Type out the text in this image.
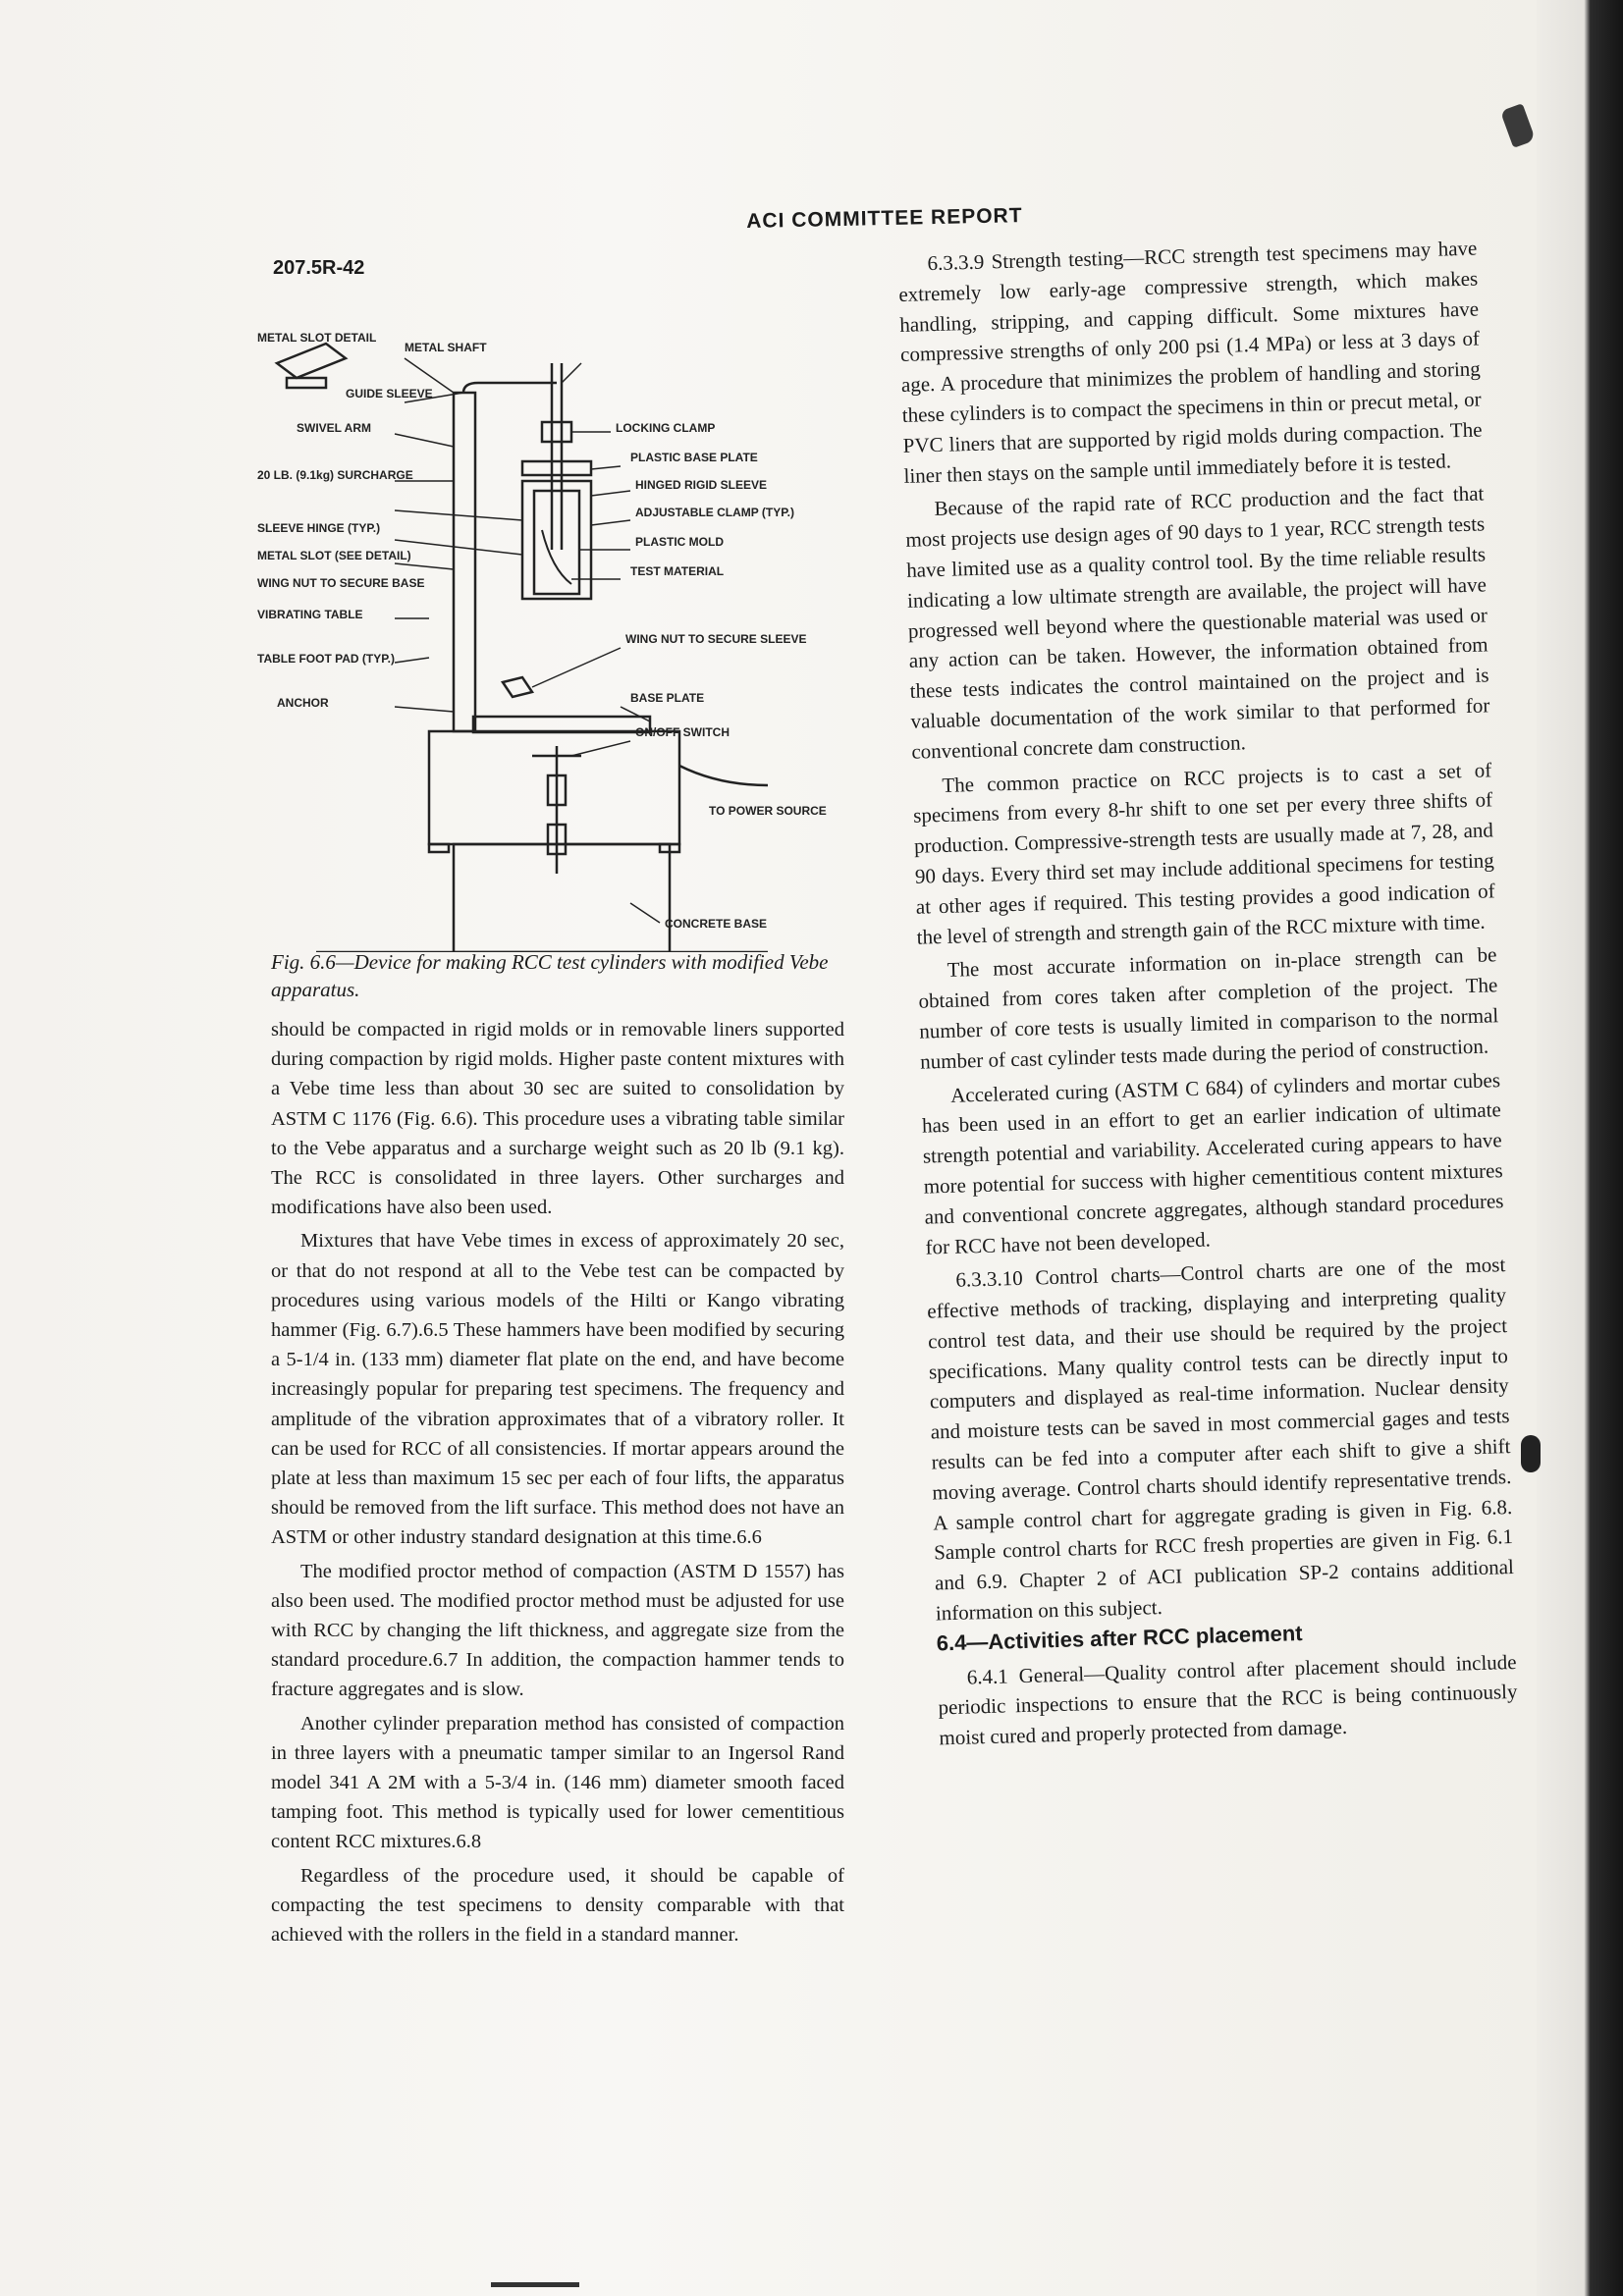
207.5R-42
ACI COMMITTEE REPORT
METAL SLOT DETAIL
METAL SHAFT
GUIDE SLEEVE
SWIVEL ARM	LOCKING CLAMP
20 LB. (9.1kg) SURCHARGE
PLASTIC BASE PLATE
HINGED RIGID SLEEVE
ADJUSTABLE CLAMP (TYP.)
SLEEVE HINGE (TYP.)
PLASTIC MOLD
METAL SLOT (SEE DETAIL)
TEST MATERIAL
WING NUT TO SECURE BASE
WING NUT TO SECURE SLEEVE
VIBRATING TABLE
BASE PLATE
ON/OFF SWITCH
TABLE FOOT PAD (TYP.)
TO POWER SOURCE
ANCHOR
CONCRETE BASE
Fig. 6.6—Device for making RCC test cylinders with modified Vebe apparatus.

should be compacted in rigid molds or in removable liners supported during compaction by rigid molds. Higher paste content mixtures with a Vebe time less than about 30 sec are suited to consolidation by ASTM C 1176 (Fig. 6.6). This procedure uses a vibrating table similar to the Vebe apparatus and a surcharge weight such as 20 lb (9.1 kg). The RCC is consolidated in three layers. Other surcharges and modifications have also been used.

Mixtures that have Vebe times in excess of approximately 20 sec, or that do not respond at all to the Vebe test can be compacted by procedures using various models of the Hilti or Kango vibrating hammer (Fig. 6.7).6.5 These hammers have been modified by securing a 5-1/4 in. (133 mm) diameter flat plate on the end, and have become increasingly popular for preparing test specimens. The frequency and amplitude of the vibration approximates that of a vibratory roller. It can be used for RCC of all consistencies. If mortar appears around the plate at less than maximum 15 sec per each of four lifts, the apparatus should be removed from the lift surface. This method does not have an ASTM or other industry standard designation at this time.6.6

The modified proctor method of compaction (ASTM D 1557) has also been used. The modified proctor method must be adjusted for use with RCC by changing the lift thickness, and aggregate size from the standard procedure.6.7 In addition, the compaction hammer tends to fracture aggregates and is slow.

Another cylinder preparation method has consisted of compaction in three layers with a pneumatic tamper similar to an Ingersol Rand model 341 A 2M with a 5-3/4 in. (146 mm) diameter smooth faced tamping foot. This method is typically used for lower cementitious content RCC mixtures.6.8

Regardless of the procedure used, it should be capable of compacting the test specimens to density comparable with that achieved with the rollers in the field in a standard manner.

6.3.3.9 Strength testing—RCC strength test specimens may have extremely low early-age compressive strength, which makes handling, stripping, and capping difficult. Some mixtures have compressive strengths of only 200 psi (1.4 MPa) or less at 3 days of age. A procedure that minimizes the problem of handling and storing these cylinders is to compact the specimens in thin or precut metal, or PVC liners that are supported by rigid molds during compaction. The liner then stays on the sample until immediately before it is tested.

Because of the rapid rate of RCC production and the fact that most projects use design ages of 90 days to 1 year, RCC strength tests have limited use as a quality control tool. By the time reliable results indicating a low ultimate strength are available, the project will have progressed well beyond where the questionable material was used or any action can be taken. However, the information obtained from these tests indicates the control maintained on the project and is valuable documentation of the work similar to that performed for conventional concrete dam construction.

The common practice on RCC projects is to cast a set of specimens from every 8-hr shift to one set per every three shifts of production. Compressive-strength tests are usually made at 7, 28, and 90 days. Every third set may include additional specimens for testing at other ages if required. This testing provides a good indication of the level of strength and strength gain of the RCC mixture with time.

The most accurate information on in-place strength can be obtained from cores taken after completion of the project. The number of core tests is usually limited in comparison to the normal number of cast cylinder tests made during the period of construction.

Accelerated curing (ASTM C 684) of cylinders and mortar cubes has been used in an effort to get an earlier indication of ultimate strength potential and variability. Accelerated curing appears to have more potential for success with higher cementitious content mixtures and conventional concrete aggregates, although standard procedures for RCC have not been developed.

6.3.3.10 Control charts—Control charts are one of the most effective methods of tracking, displaying and interpreting quality control test data, and their use should be required by the project specifications. Many quality control tests can be directly input to computers and displayed as real-time information. Nuclear density and moisture tests can be saved in most commercial gages and tests results can be fed into a computer after each shift to give a shift moving average. Control charts should identify representative trends. A sample control chart for aggregate grading is given in Fig. 6.8. Sample control charts for RCC fresh properties are given in Fig. 6.1 and 6.9. Chapter 2 of ACI publication SP-2 contains additional information on this subject.

6.4—Activities after RCC placement

6.4.1 General—Quality control after placement should include periodic inspections to ensure that the RCC is being continuously moist cured and properly protected from damage.
